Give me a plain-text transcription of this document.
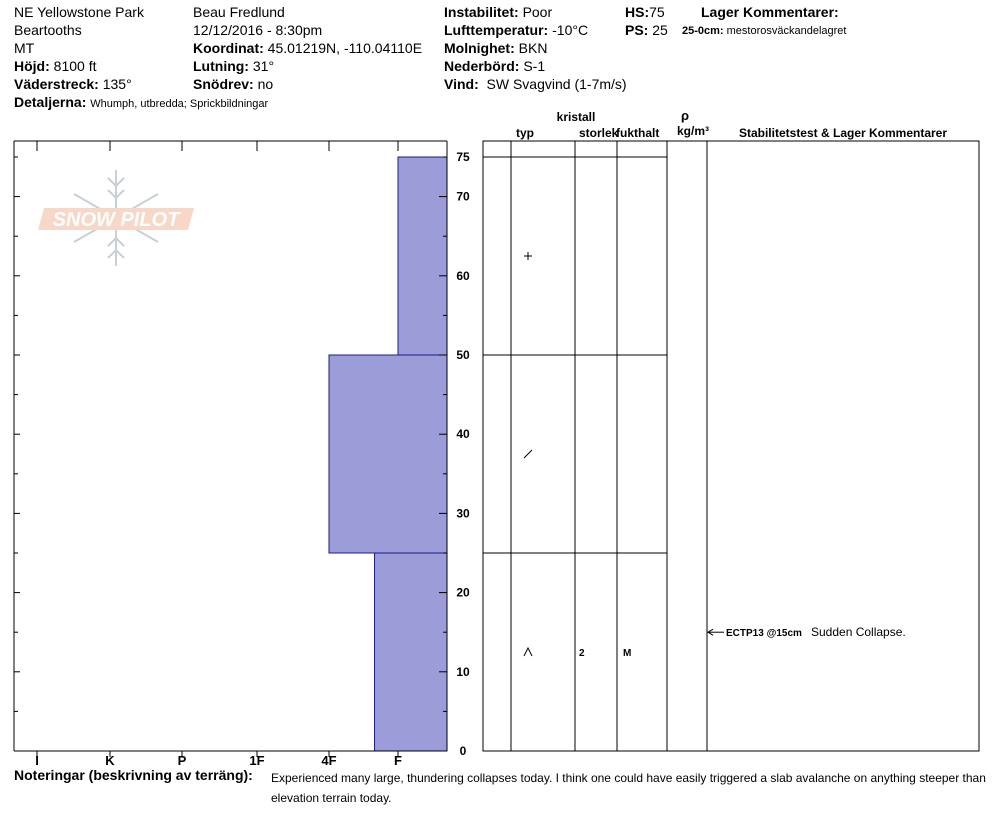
NE Yellowstone Park
Beartooths
MT
Höjd: 8100 ft
Väderstreck: 135°
Detaljerna: Whumph, utbredda; Sprickbildningar
Beau Fredlund
12/12/2016 - 8:30pm
Koordinat: 45.01219N, -110.04110E
Lutning: 31°
Snödrev: no
Instabilitet: Poor
Lufttemperatur: -10°C
Molnighet: BKN
Nederbörd: S-1
Vind: SW Svagvind (1-7m/s)
HS:75
PS: 25
Lager Kommentarer:
25-0cm: mestorosväckandelagret
SNOW PILOT
I	K	P	1F	4F	F
0
10
20
30
40
50
60
70
75
typ
kristall
storlek
fukthalt
ρ
kg/m³ Stabilitetstest & Lager Kommentarer
2	M
ECTP13 @15cm Sudden Collapse.
Noteringar (beskrivning av terräng): Experienced many large, thundering collapses today. I think one could have easily triggered a slab avalanche on anything steeper than
elevation terrain today.
